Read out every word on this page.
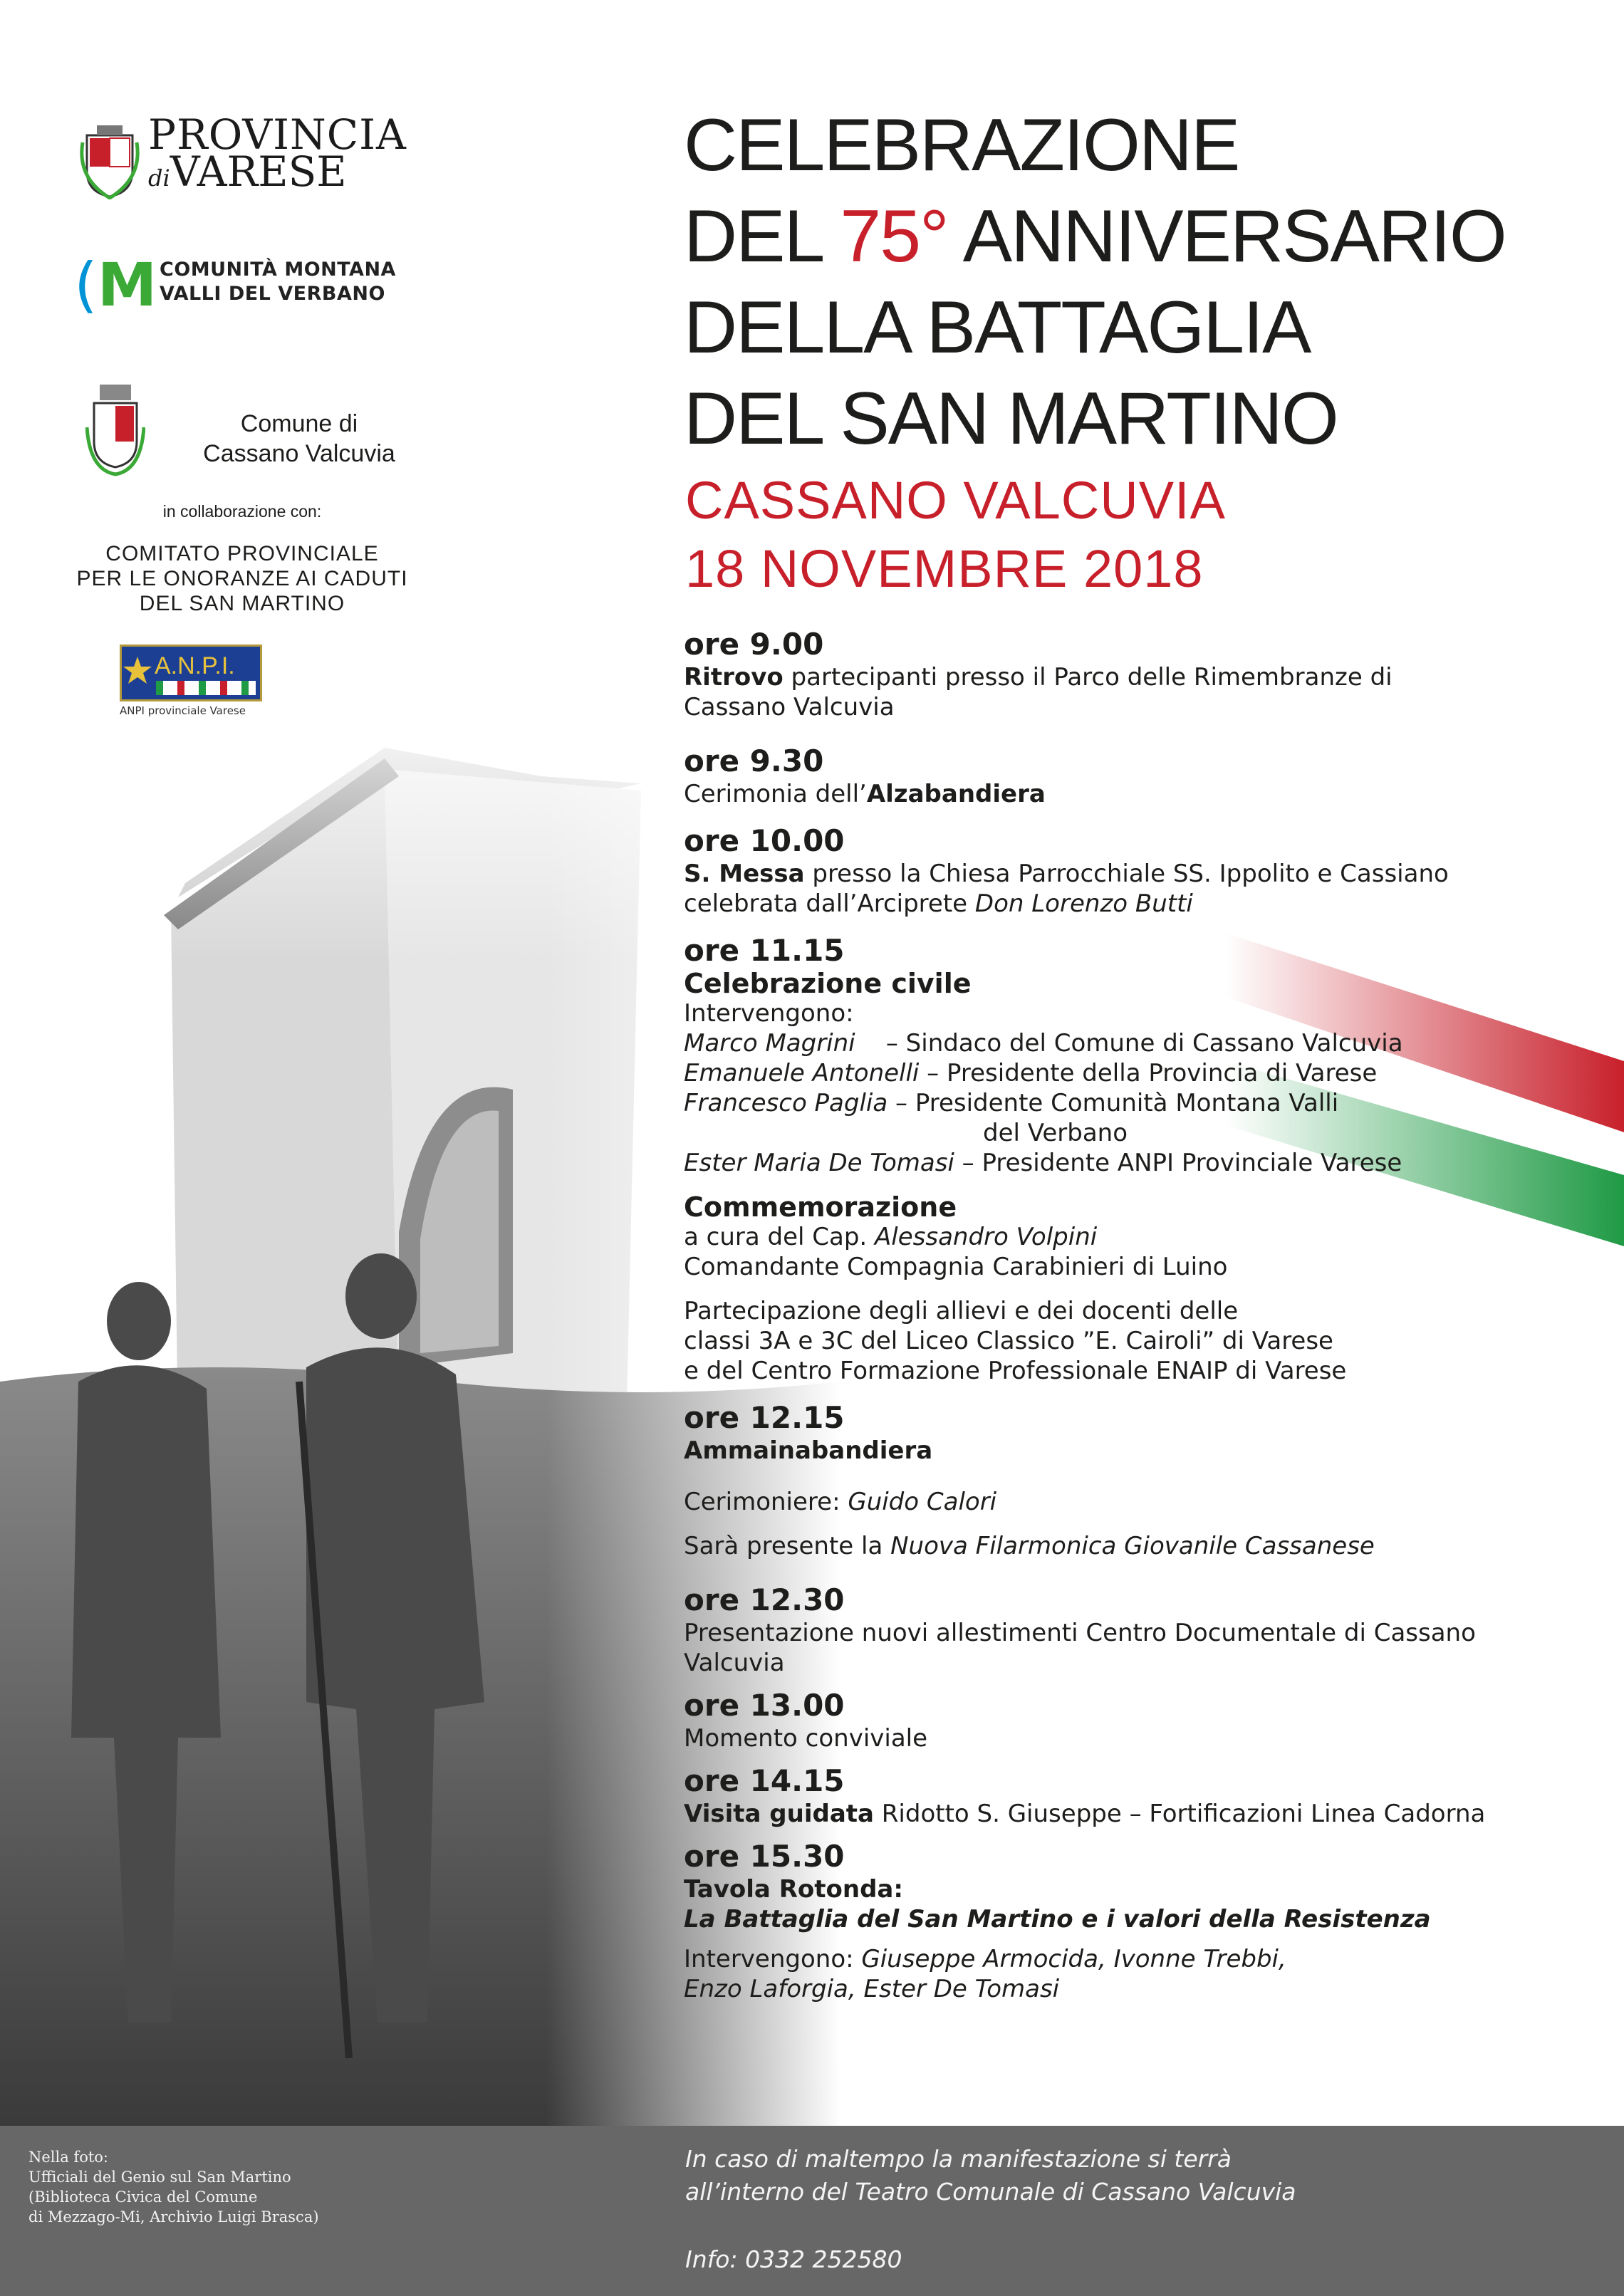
PROVINCIA
diVARESE
(M COMUNITÀ MONTANA
VALLI DEL VERBANO
Comune di
Cassano Valcuvia
in collaborazione con:
COMITATO PROVINCIALE
PER LE ONORANZE AI CADUTI
DEL SAN MARTINO
A.N.P.I.
ANPI provinciale Varese
CELEBRAZIONE
DEL 75° ANNIVERSARIO
DELLA BATTAGLIA
DEL SAN MARTINO
CASSANO VALCUVIA
18 NOVEMBRE 2018
ore 9.00
Ritrovo partecipanti presso il Parco delle Rimembranze di
Cassano Valcuvia
ore 9.30
Cerimonia dell’Alzabandiera
ore 10.00
S. Messa presso la Chiesa Parrocchiale SS. Ippolito e Cassiano
celebrata dall’Arciprete Don Lorenzo Butti
ore 11.15
Celebrazione civile
Intervengono:
Marco Magrini    – Sindaco del Comune di Cassano Valcuvia
Emanuele Antonelli – Presidente della Provincia di Varese
Francesco Paglia – Presidente Comunità Montana Valli
del Verbano
Ester Maria De Tomasi – Presidente ANPI Provinciale Varese
Commemorazione
a cura del Cap. Alessandro Volpini
Comandante Compagnia Carabinieri di Luino
Partecipazione degli allievi e dei docenti delle
classi 3A e 3C del Liceo Classico ”E. Cairoli” di Varese
e del Centro Formazione Professionale ENAIP di Varese
ore 12.15
Ammainabandiera
Cerimoniere: Guido Calori
Sarà presente la Nuova Filarmonica Giovanile Cassanese
ore 12.30
Presentazione nuovi allestimenti Centro Documentale di Cassano
Valcuvia
ore 13.00
Momento conviviale
ore 14.15
Visita guidata Ridotto S. Giuseppe – Fortificazioni Linea Cadorna
ore 15.30
Tavola Rotonda:
La Battaglia del San Martino e i valori della Resistenza
Intervengono: Giuseppe Armocida, Ivonne Trebbi,
Enzo Laforgia, Ester De Tomasi
Nella foto:
Ufficiali del Genio sul San Martino
(Biblioteca Civica del Comune
di Mezzago-Mi, Archivio Luigi Brasca)
In caso di maltempo la manifestazione si terrà
all’interno del Teatro Comunale di Cassano Valcuvia
Info: 0332 252580
